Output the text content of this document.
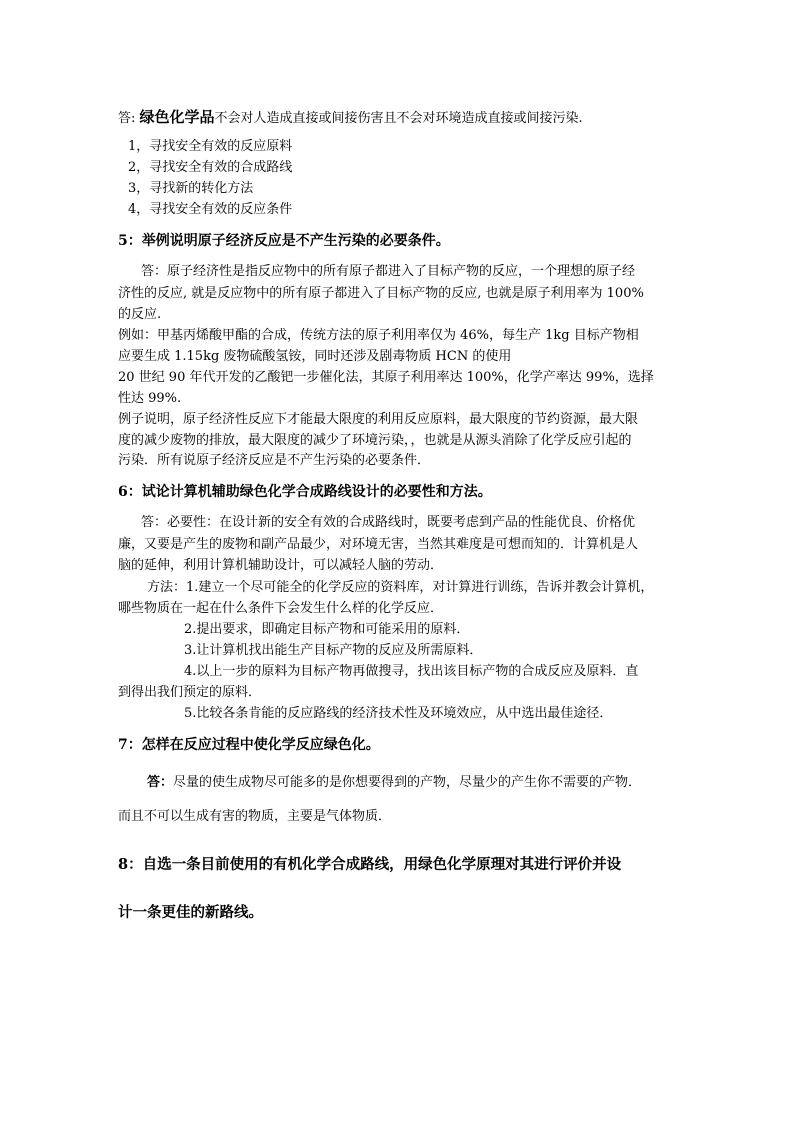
答: 绿色化学品不会对人造成直接或间接伤害且不会对环境造成直接或间接污染.
1，寻找安全有效的反应原料
2，寻找安全有效的合成路线
3，寻找新的转化方法
4，寻找安全有效的反应条件
5：举例说明原子经济反应是不产生污染的必要条件。
答：原子经济性是指反应物中的所有原子都进入了目标产物的反应，一个理想的原子经
济性的反应, 就是反应物中的所有原子都进入了目标产物的反应, 也就是原子利用率为 100%
的反应.
例如：甲基丙烯酸甲酯的合成，传统方法的原子利用率仅为 46%，每生产 1kg 目标产物相
应要生成 1.15kg 废物硫酸氢铵，同时还涉及剧毒物质 HCN 的使用
20 世纪 90 年代开发的乙酸钯一步催化法，其原子利用率达 100%，化学产率达 99%，选择
性达 99%.
例子说明，原子经济性反应下才能最大限度的利用反应原料，最大限度的节约资源，最大限
度的减少废物的排放，最大限度的减少了环境污染，，也就是从源头消除了化学反应引起的
污染．所有说原子经济反应是不产生污染的必要条件．
6：试论计算机辅助绿色化学合成路线设计的必要性和方法。
答：必要性：在设计新的安全有效的合成路线时，既要考虑到产品的性能优良、价格优
廉，又要是产生的废物和副产品最少，对环境无害，当然其难度是可想而知的．计算机是人
脑的延伸，利用计算机辅助设计，可以减轻人脑的劳动．
方法：1.建立一个尽可能全的化学反应的资料库，对计算进行训练，告诉并教会计算机，
哪些物质在一起在什么条件下会发生什么样的化学反应．
2.提出要求，即确定目标产物和可能采用的原料．
3.让计算机找出能生产目标产物的反应及所需原料．
4.以上一步的原料为目标产物再做搜寻，找出该目标产物的合成反应及原料．直
到得出我们预定的原料．
5.比较各条肯能的反应路线的经济技术性及环境效应，从中选出最佳途径．
7：怎样在反应过程中使化学反应绿色化。
答：尽量的使生成物尽可能多的是你想要得到的产物，尽量少的产生你不需要的产物．
而且不可以生成有害的物质，主要是气体物质．
8：自选一条目前使用的有机化学合成路线，用绿色化学原理对其进行评价并设
计一条更佳的新路线。
